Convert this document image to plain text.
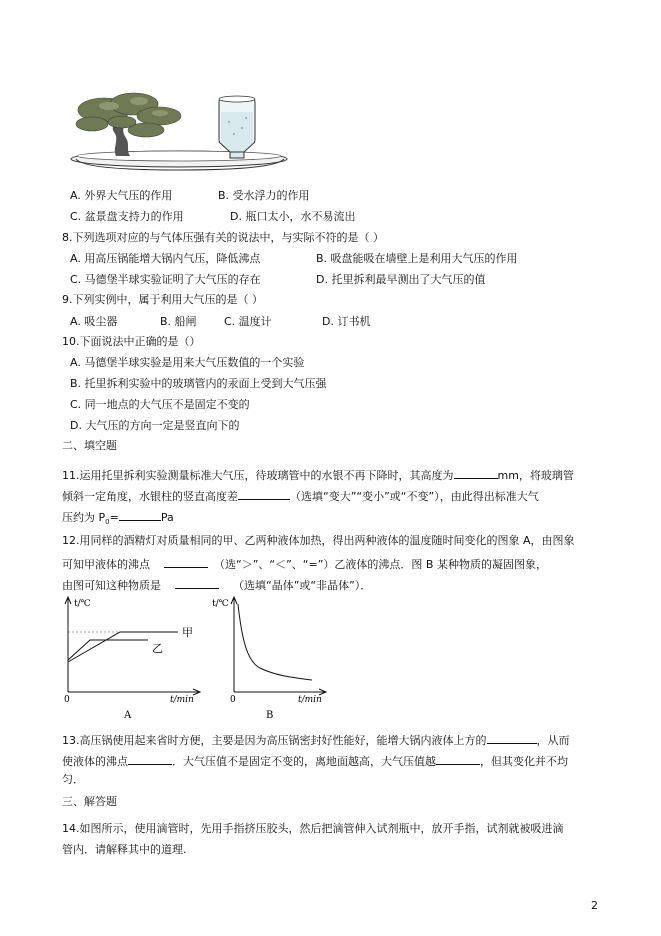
A. 外界大气压的作用	B. 受水浮力的作用
C. 盆景盘支持力的作用	D. 瓶口太小，水不易流出
8.下列选项对应的与气体压强有关的说法中，与实际不符的是（ ）
A. 用高压锅能增大锅内气压，降低沸点	B. 吸盘能吸在墙壁上是利用大气压的作用
C. 马德堡半球实验证明了大气压的存在	D. 托里拆利最早测出了大气压的值
9.下列实例中，属于利用大气压的是（ ）
A. 吸尘器	B. 船闸 C. 温度计	D. 订书机
10.下面说法中正确的是（）
A. 马德堡半球实验是用来大气压数值的一个实验
B. 托里拆利实验中的玻璃管内的汞面上受到大气压强
C. 同一地点的大气压不是固定不变的
D. 大气压的方向一定是竖直向下的
二、填空题
11.运用托里拆利实验测量标准大气压，待玻璃管中的水银不再下降时，其高度为	mm，将玻璃管
倾斜一定角度，水银柱的竖直高度差	（选填“变大”“变小”或“不变”），由此得出标准大气
压约为 $P_0=$	Pa
12.用同样的酒精灯对质量相同的甲、乙两种液体加热，得出两种液体的温度随时间变化的图象 A，由图象
可知甲液体的沸点	（选“＞”、“＜”、“=”）乙液体的沸点．图 B 某种物质的凝固图象，
由图可知这种物质是	（选填“晶体”或“非晶体”）．
t/℃
t/min
0
甲
乙
A
t/℃
t/min
0
B
13.高压锅使用起来省时方便，主要是因为高压锅密封好性能好，能增大锅内液体上方的	，从而
使液体的沸点	．大气压值不是固定不变的，离地面越高，大气压值越	，但其变化并不均
匀．
三、解答题
14.如图所示，使用滴管时，先用手指挤压胶头，然后把滴管伸入试剂瓶中，放开手指，试剂就被吸进滴
管内．请解释其中的道理.
2
